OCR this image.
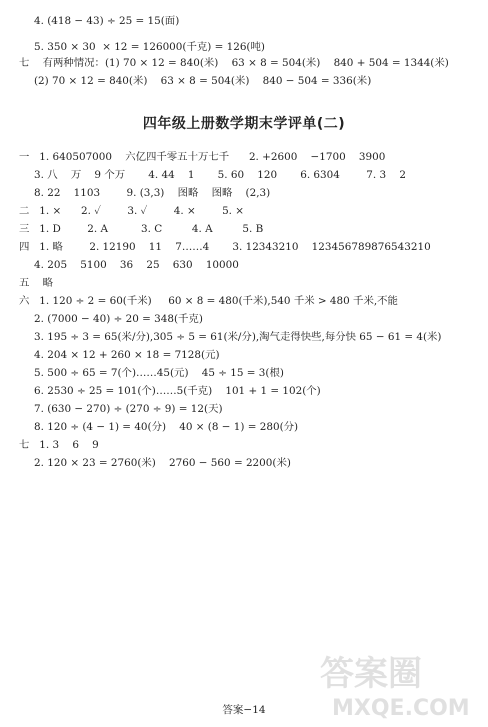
4. (418 − 43) ÷ 25 = 15(面)
5. 350 × 30  × 12 = 126000(千克) = 126(吨)
七    有两种情况：(1) 70 × 12 = 840(米)    63 × 8 = 504(米)    840 + 504 = 1344(米)
(2) 70 × 12 = 840(米)    63 × 8 = 504(米)    840 − 504 = 336(米)
四年级上册数学期末学评单(二)
一   1. 640507000    六亿四千零五十万七千      2. +2600    −1700    3900
3. 八    万    9 个万       4. 44    1       5. 60    120       6. 6304        7. 3    2
8. 22    1103        9. (3,3)    图略    图略    (2,3)
二   1. ×      2. ✓        3. ✓        4. ×        5. ×
三   1. D        2. A          3. C         4. A         5. B
四   1. 略        2. 12190    11    7……4       3. 12343210    123456789876543210
4. 205    5100    36    25    630    10000
五    略
六   1. 120 ÷ 2 = 60(千米)     60 × 8 = 480(千米),540 千米 > 480 千米,不能
2. (7000 − 40) ÷ 20 = 348(千克)
3. 195 ÷ 3 = 65(米/分),305 ÷ 5 = 61(米/分),淘气走得快些,每分快 65 − 61 = 4(米)
4. 204 × 12 + 260 × 18 = 7128(元)
5. 500 ÷ 65 = 7(个)……45(元)    45 ÷ 15 = 3(根)
6. 2530 ÷ 25 = 101(个)……5(千克)    101 + 1 = 102(个)
7. (630 − 270) ÷ (270 ÷ 9) = 12(天)
8. 120 ÷ (4 − 1) = 40(分)    40 × (8 − 1) = 280(分)
七   1. 3    6    9
2. 120 × 23 = 2760(米)    2760 − 560 = 2200(米)
答案−14
答案圈
MXQE.COM
